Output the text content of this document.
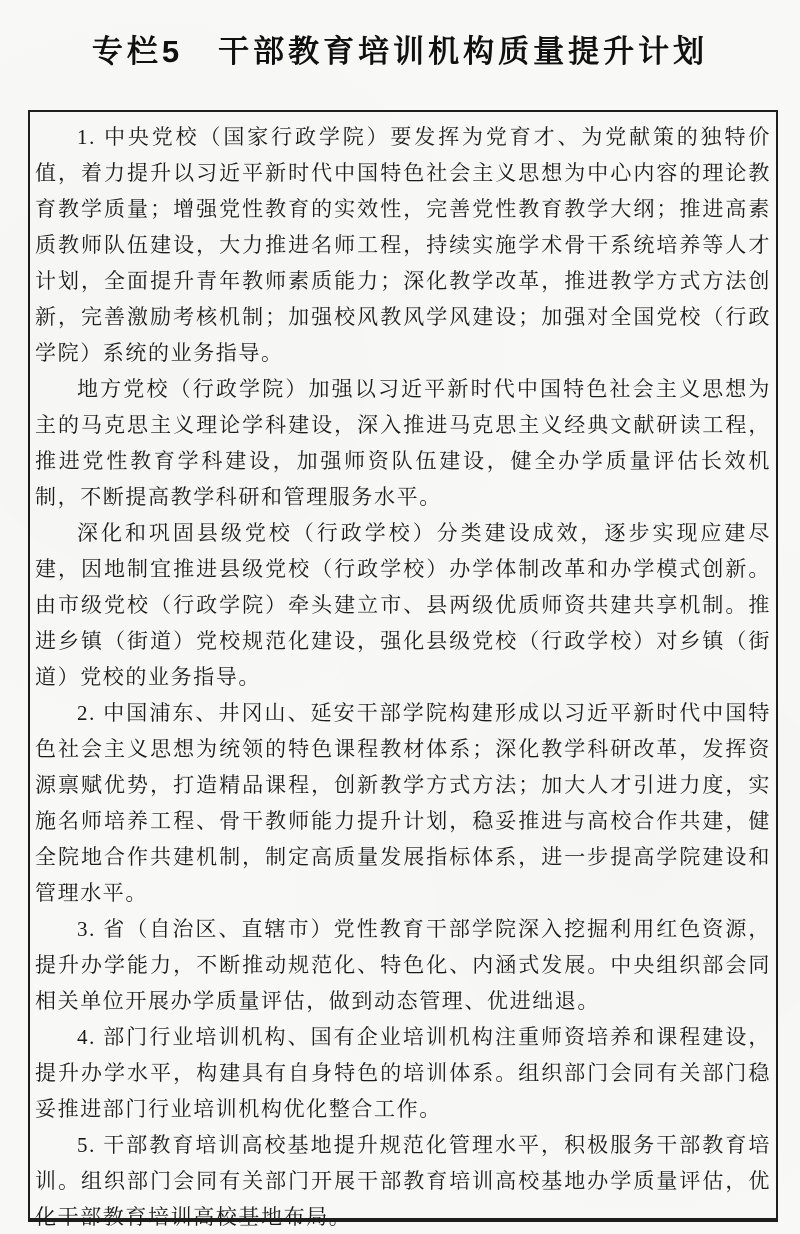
专栏5　干部教育培训机构质量提升计划

1. 中央党校（国家行政学院）要发挥为党育才、为党献策的独特价值，着力提升以习近平新时代中国特色社会主义思想为中心内容的理论教育教学质量；增强党性教育的实效性，完善党性教育教学大纲；推进高素质教师队伍建设，大力推进名师工程，持续实施学术骨干系统培养等人才计划，全面提升青年教师素质能力；深化教学改革，推进教学方式方法创新，完善激励考核机制；加强校风教风学风建设；加强对全国党校（行政学院）系统的业务指导。

地方党校（行政学院）加强以习近平新时代中国特色社会主义思想为主的马克思主义理论学科建设，深入推进马克思主义经典文献研读工程，推进党性教育学科建设，加强师资队伍建设，健全办学质量评估长效机制，不断提高教学科研和管理服务水平。

深化和巩固县级党校（行政学校）分类建设成效，逐步实现应建尽建，因地制宜推进县级党校（行政学校）办学体制改革和办学模式创新。由市级党校（行政学院）牵头建立市、县两级优质师资共建共享机制。推进乡镇（街道）党校规范化建设，强化县级党校（行政学校）对乡镇（街道）党校的业务指导。

2. 中国浦东、井冈山、延安干部学院构建形成以习近平新时代中国特色社会主义思想为统领的特色课程教材体系；深化教学科研改革，发挥资源禀赋优势，打造精品课程，创新教学方式方法；加大人才引进力度，实施名师培养工程、骨干教师能力提升计划，稳妥推进与高校合作共建，健全院地合作共建机制，制定高质量发展指标体系，进一步提高学院建设和管理水平。

3. 省（自治区、直辖市）党性教育干部学院深入挖掘利用红色资源，提升办学能力，不断推动规范化、特色化、内涵式发展。中央组织部会同相关单位开展办学质量评估，做到动态管理、优进绌退。

4. 部门行业培训机构、国有企业培训机构注重师资培养和课程建设，提升办学水平，构建具有自身特色的培训体系。组织部门会同有关部门稳妥推进部门行业培训机构优化整合工作。

5. 干部教育培训高校基地提升规范化管理水平，积极服务干部教育培训。组织部门会同有关部门开展干部教育培训高校基地办学质量评估，优化干部教育培训高校基地布局。
